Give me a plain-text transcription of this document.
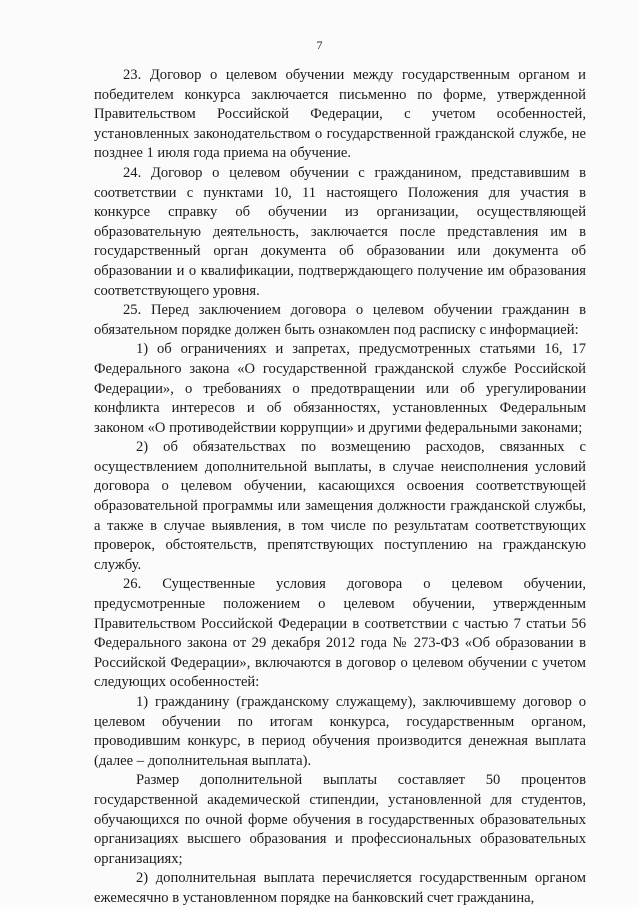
7

23. Договор о целевом обучении между государственным органом и победителем конкурса заключается письменно по форме, утвержденной Правительством Российской Федерации, с учетом особенностей, установленных законодательством о государственной гражданской службе, не позднее 1 июля года приема на обучение.

24. Договор о целевом обучении с гражданином, представившим в соответствии с пунктами 10, 11 настоящего Положения для участия в конкурсе справку об обучении из организации, осуществляющей образовательную деятельность, заключается после представления им в государственный орган документа об образовании или документа об образовании и о квалификации, подтверждающего получение им образования соответствующего уровня.

25. Перед заключением договора о целевом обучении гражданин в обязательном порядке должен быть ознакомлен под расписку с информацией:

1) об ограничениях и запретах, предусмотренных статьями 16, 17 Федерального закона «О государственной гражданской службе Российской Федерации», о требованиях о предотвращении или об урегулировании конфликта интересов и об обязанностях, установленных Федеральным законом «О противодействии коррупции» и другими федеральными законами;

2) об обязательствах по возмещению расходов, связанных с осуществлением дополнительной выплаты, в случае неисполнения условий договора о целевом обучении, касающихся освоения соответствующей образовательной программы или замещения должности гражданской службы, а также в случае выявления, в том числе по результатам соответствующих проверок, обстоятельств, препятствующих поступлению на гражданскую службу.

26. Существенные условия договора о целевом обучении, предусмотренные положением о целевом обучении, утвержденным Правительством Российской Федерации в соответствии с частью 7 статьи 56 Федерального закона от 29 декабря 2012 года № 273-ФЗ «Об образовании в Российской Федерации», включаются в договор о целевом обучении с учетом следующих особенностей:

1) гражданину (гражданскому служащему), заключившему договор о целевом обучении по итогам конкурса, государственным органом, проводившим конкурс, в период обучения производится денежная выплата (далее – дополнительная выплата).

Размер дополнительной выплаты составляет 50 процентов государственной академической стипендии, установленной для студентов, обучающихся по очной форме обучения в государственных образовательных организациях высшего образования и профессиональных образовательных организациях;

2) дополнительная выплата перечисляется государственным органом ежемесячно в установленном порядке на банковский счет гражданина,
